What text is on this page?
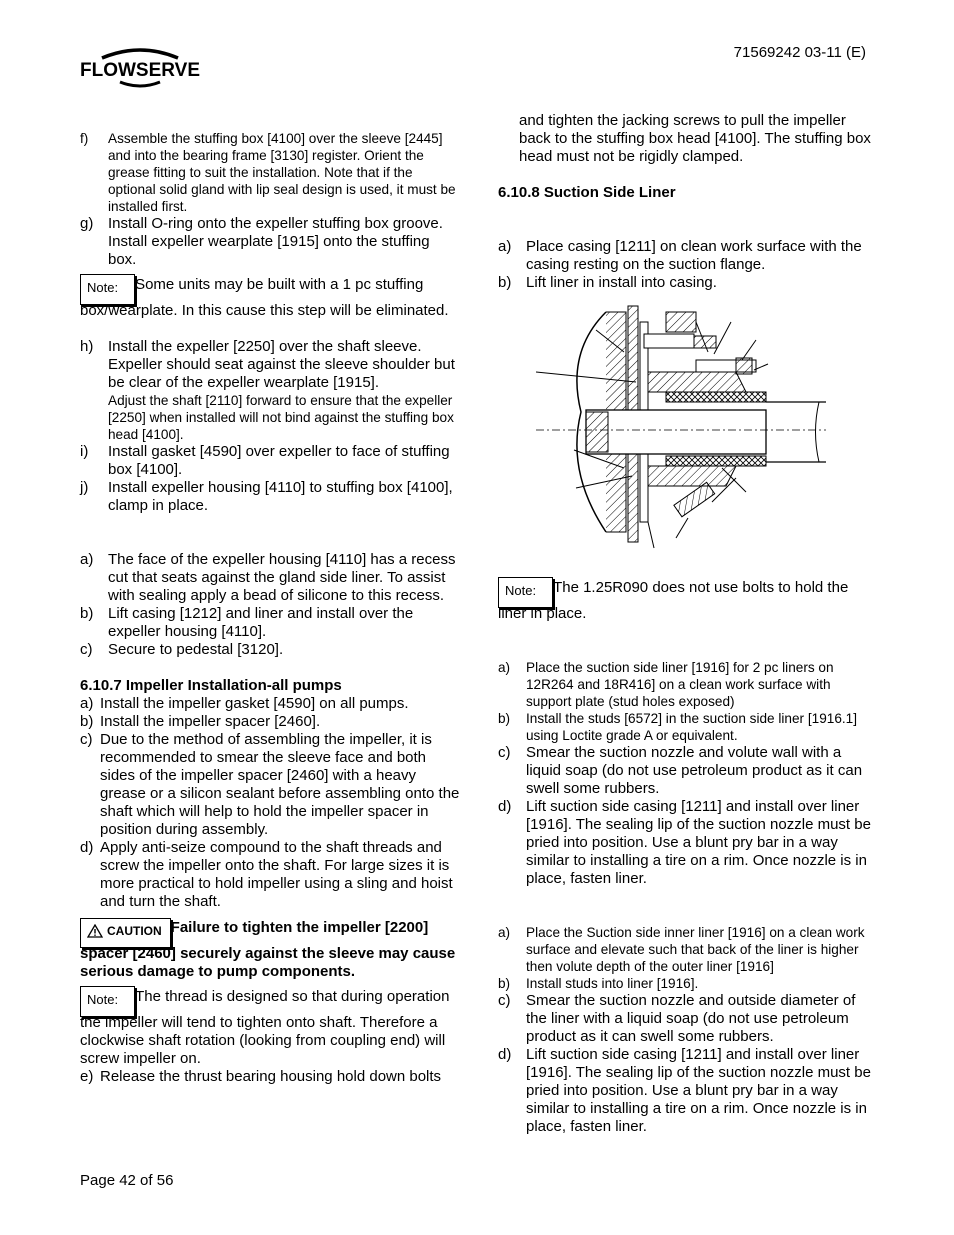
FLOWSERVE
71569242 03-11 (E)
f)	Assemble the stuffing box [4100] over the sleeve [2445] and into the bearing frame [3130] register. Orient the grease fitting to suit the installation. Note that if the optional solid gland with lip seal design is used, it must be installed first.
g) Install O-ring onto the expeller stuffing box groove. Install expeller wearplate [1915] onto the stuffing box.
Note: Some units may be built with a 1 pc stuffing box/wearplate. In this cause this step will be eliminated.
h) Install the expeller [2250] over the shaft sleeve. Expeller should seat against the sleeve shoulder but be clear of the expeller wearplate [1915].
Adjust the shaft [2110] forward to ensure that the expeller [2250] when installed will not bind against the stuffing box head [4100].
i)	Install gasket [4590] over expeller to face of stuffing box [4100].
j)	Install expeller housing [4110] to stuffing box [4100], clamp in place.
a) The face of the expeller housing [4110] has a recess cut that seats against the gland side liner. To assist with sealing apply a bead of silicone to this recess.
b) Lift casing [1212] and liner and install over the expeller housing [4110].
c)	Secure to pedestal [3120].
6.10.7 Impeller Installation-all pumps
a) Install the impeller gasket [4590] on all pumps.
b) Install the impeller spacer [2460].
c) Due to the method of assembling the impeller, it is recommended to smear the sleeve face and both sides of the impeller spacer [2460] with a heavy grease or a silicon sealant before assembling onto the shaft which will help to hold the impeller spacer in position during assembly.
d) Apply anti-seize compound to the shaft threads and screw the impeller onto the shaft. For large sizes it is more practical to hold impeller using a sling and hoist and turn the shaft.
CAUTION Failure to tighten the impeller [2200] spacer [2460] securely against the sleeve may cause serious damage to pump components.
Note: The thread is designed so that during operation the impeller will tend to tighten onto shaft. Therefore a clockwise shaft rotation (looking from coupling end) will screw impeller on.
e) Release the thrust bearing housing hold down bolts
and tighten the jacking screws to pull the impeller back to the stuffing box head [4100]. The stuffing box head must not be rigidly clamped.
6.10.8 Suction Side Liner
a) Place casing [1211] on clean work surface with the casing resting on the suction flange.
b) Lift liner in install into casing.
Note: The 1.25R090 does not use bolts to hold the liner in place.
a)	Place the suction side liner [1916] for 2 pc liners on 12R264 and 18R416] on a clean work surface with support plate (stud holes exposed)
b)	Install the studs [6572] in the suction side liner [1916.1] using Loctite grade A or equivalent.
c)	Smear the suction nozzle and volute wall with a liquid soap (do not use petroleum product as it can swell some rubbers.
d) Lift suction side casing [1211] and install over liner [1916]. The sealing lip of the suction nozzle must be pried into position. Use a blunt pry bar in a way similar to installing a tire on a rim. Once nozzle is in place, fasten liner.
a)	Place the Suction side inner liner [1916] on a clean work surface and elevate such that back of the liner is higher then volute depth of the outer liner [1916]
b)	Install studs into liner [1916].
c)	Smear the suction nozzle and outside diameter of the liner with a liquid soap (do not use petroleum product as it can swell some rubbers.
d) Lift suction side casing [1211] and install over liner [1916]. The sealing lip of the suction nozzle must be pried into position. Use a blunt pry bar in a way similar to installing a tire on a rim. Once nozzle is in place, fasten liner.
Page 42 of 56
